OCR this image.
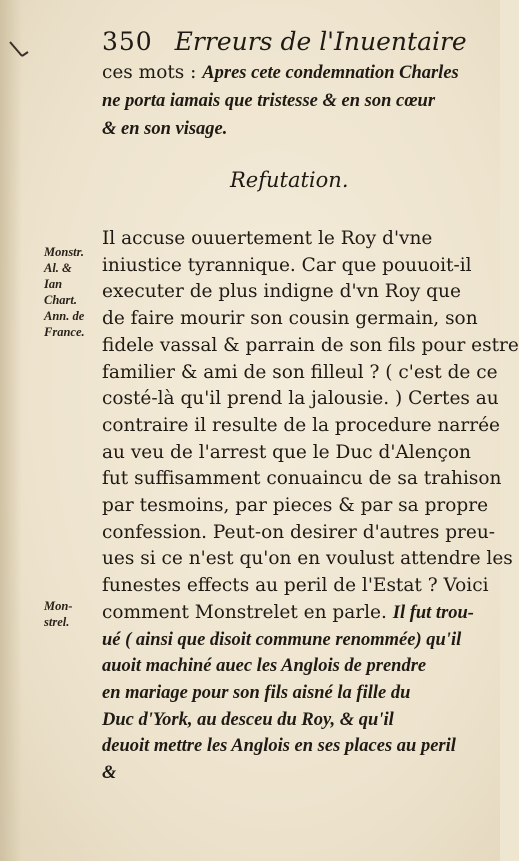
350 Erreurs de l'Inuentaire
ces mots : Apres cete condemnation Charles
ne porta iamais que tristesse & en son cœur
& en son visage.
Refutation.
Il accuse ouuertement le Roy d'vne
iniustice tyrannique. Car que pouuoit-il
executer de plus indigne d'vn Roy que
de faire mourir son cousin germain, son
fidele vassal & parrain de son fils pour estre
familier & ami de son filleul ? ( c'est de ce
costé-là qu'il prend la jalousie. ) Certes au
contraire il resulte de la procedure narrée
au veu de l'arrest que le Duc d'Alençon
fut suffisamment conuaincu de sa trahison
par tesmoins, par pieces & par sa propre
confession. Peut-on desirer d'autres preu-
ues si ce n'est qu'on en voulust attendre les
funestes effects au peril de l'Estat ? Voici
comment Monstrelet en parle. Il fut trou-
ué ( ainsi que disoit commune renommée) qu'il
auoit machiné auec les Anglois de prendre
en mariage pour son fils aisné la fille du
Duc d'York, au desceu du Roy, & qu'il
deuoit mettre les Anglois en ses places au peril
&
Monstr.
Al. &
Ian
Chart.
Ann. de
France.
Mon-
strel.
